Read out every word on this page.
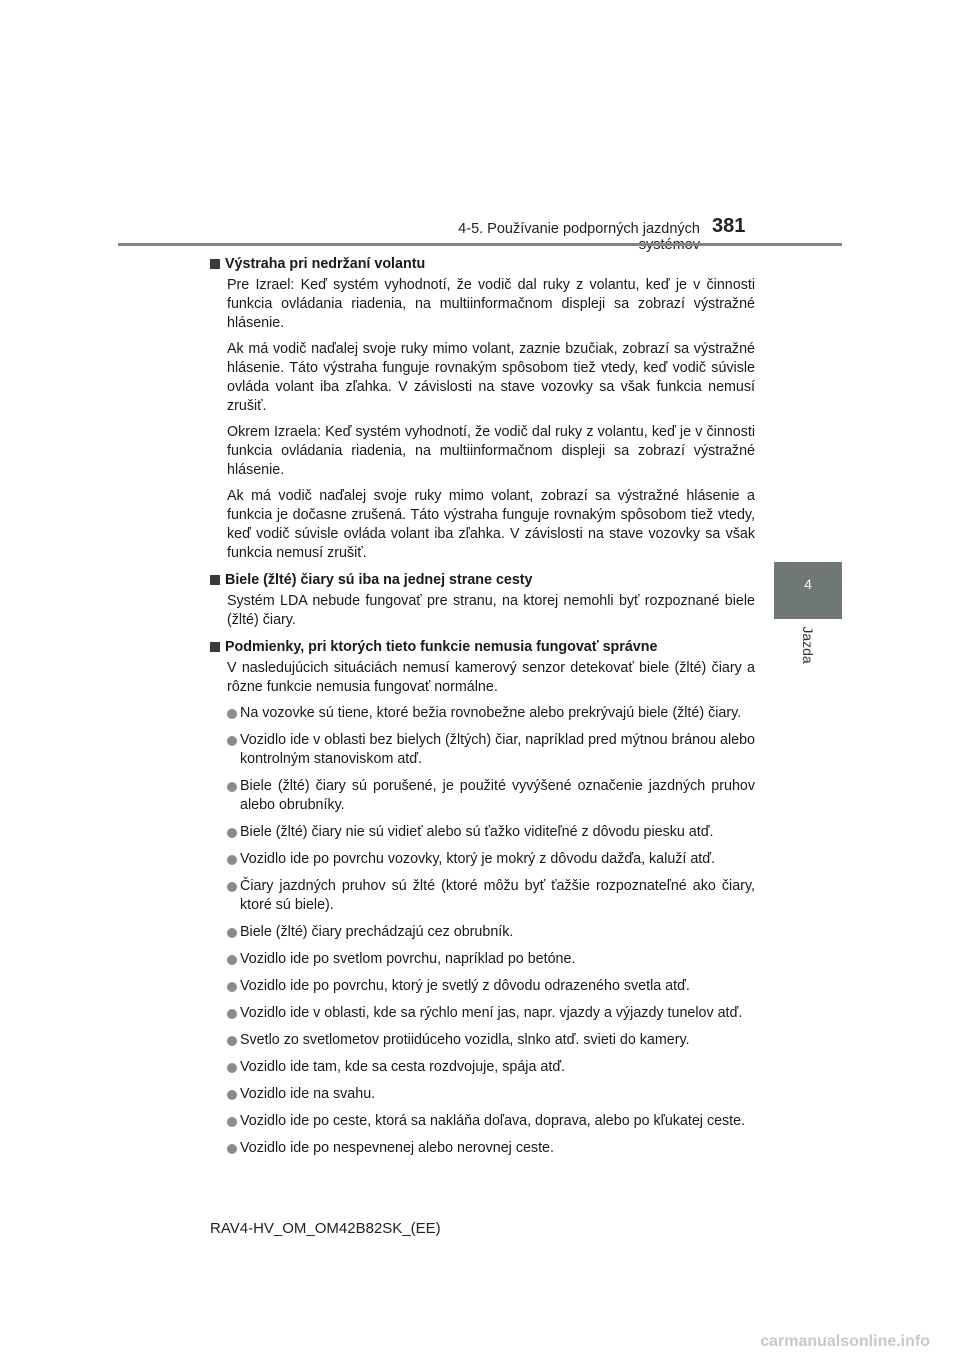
4-5. Používanie podporných jazdných 381
4
Jazda
Výstraha pri nedržaní volantu

Pre Izrael: Keď systém vyhodnotí, že vodič dal ruky z volantu, keď je v činnosti funkcia ovládania riadenia, na multiinformačnom displeji sa zobrazí výstražné hlásenie.

Ak má vodič naďalej svoje ruky mimo volant, zaznie bzučiak, zobrazí sa výstražné hlásenie. Táto výstraha funguje rovnakým spôsobom tiež vtedy, keď vodič súvisle ovláda volant iba zľahka. V závislosti na stave vozovky sa však funkcia nemusí zrušiť.

Okrem Izraela: Keď systém vyhodnotí, že vodič dal ruky z volantu, keď je v činnosti funkcia ovládania riadenia, na multiinformačnom displeji sa zobrazí výstražné hlásenie.

Ak má vodič naďalej svoje ruky mimo volant, zobrazí sa výstražné hlásenie a funkcia je dočasne zrušená. Táto výstraha funguje rovnakým spôsobom tiež vtedy, keď vodič súvisle ovláda volant iba zľahka. V závislosti na stave vozovky sa však funkcia nemusí zrušiť.

Biele (žlté) čiary sú iba na jednej strane cesty

Systém LDA nebude fungovať pre stranu, na ktorej nemohli byť rozpoznané biele (žlté) čiary.

Podmienky, pri ktorých tieto funkcie nemusia fungovať správne

V nasledujúcich situáciách nemusí kamerový senzor detekovať biele (žlté) čiary a rôzne funkcie nemusia fungovať normálne.

Na vozovke sú tiene, ktoré bežia rovnobežne alebo prekrývajú biele (žlté) čiary.
Vozidlo ide v oblasti bez bielych (žltých) čiar, napríklad pred mýtnou bránou alebo kontrolným stanoviskom atď.
Biele (žlté) čiary sú porušené, je použité vyvýšené označenie jazdných pruhov alebo obrubníky.
Biele (žlté) čiary nie sú vidieť alebo sú ťažko viditeľné z dôvodu piesku atď.
Vozidlo ide po povrchu vozovky, ktorý je mokrý z dôvodu dažďa, kaluží atď.
Čiary jazdných pruhov sú žlté (ktoré môžu byť ťažšie rozpoznateľné ako čiary, ktoré sú biele).
Biele (žlté) čiary prechádzajú cez obrubník.
Vozidlo ide po svetlom povrchu, napríklad po betóne.
Vozidlo ide po povrchu, ktorý je svetlý z dôvodu odrazeného svetla atď.
Vozidlo ide v oblasti, kde sa rýchlo mení jas, napr. vjazdy a výjazdy tunelov atď.
Svetlo zo svetlometov protiidúceho vozidla, slnko atď. svieti do kamery.
Vozidlo ide tam, kde sa cesta rozdvojuje, spája atď.
Vozidlo ide na svahu.
Vozidlo ide po ceste, ktorá sa nakláňa doľava, doprava, alebo po kľukatej ceste.
Vozidlo ide po nespevnenej alebo nerovnej ceste.
RAV4-HV_OM_OM42B82SK_(EE)
carmanualsonline.info
